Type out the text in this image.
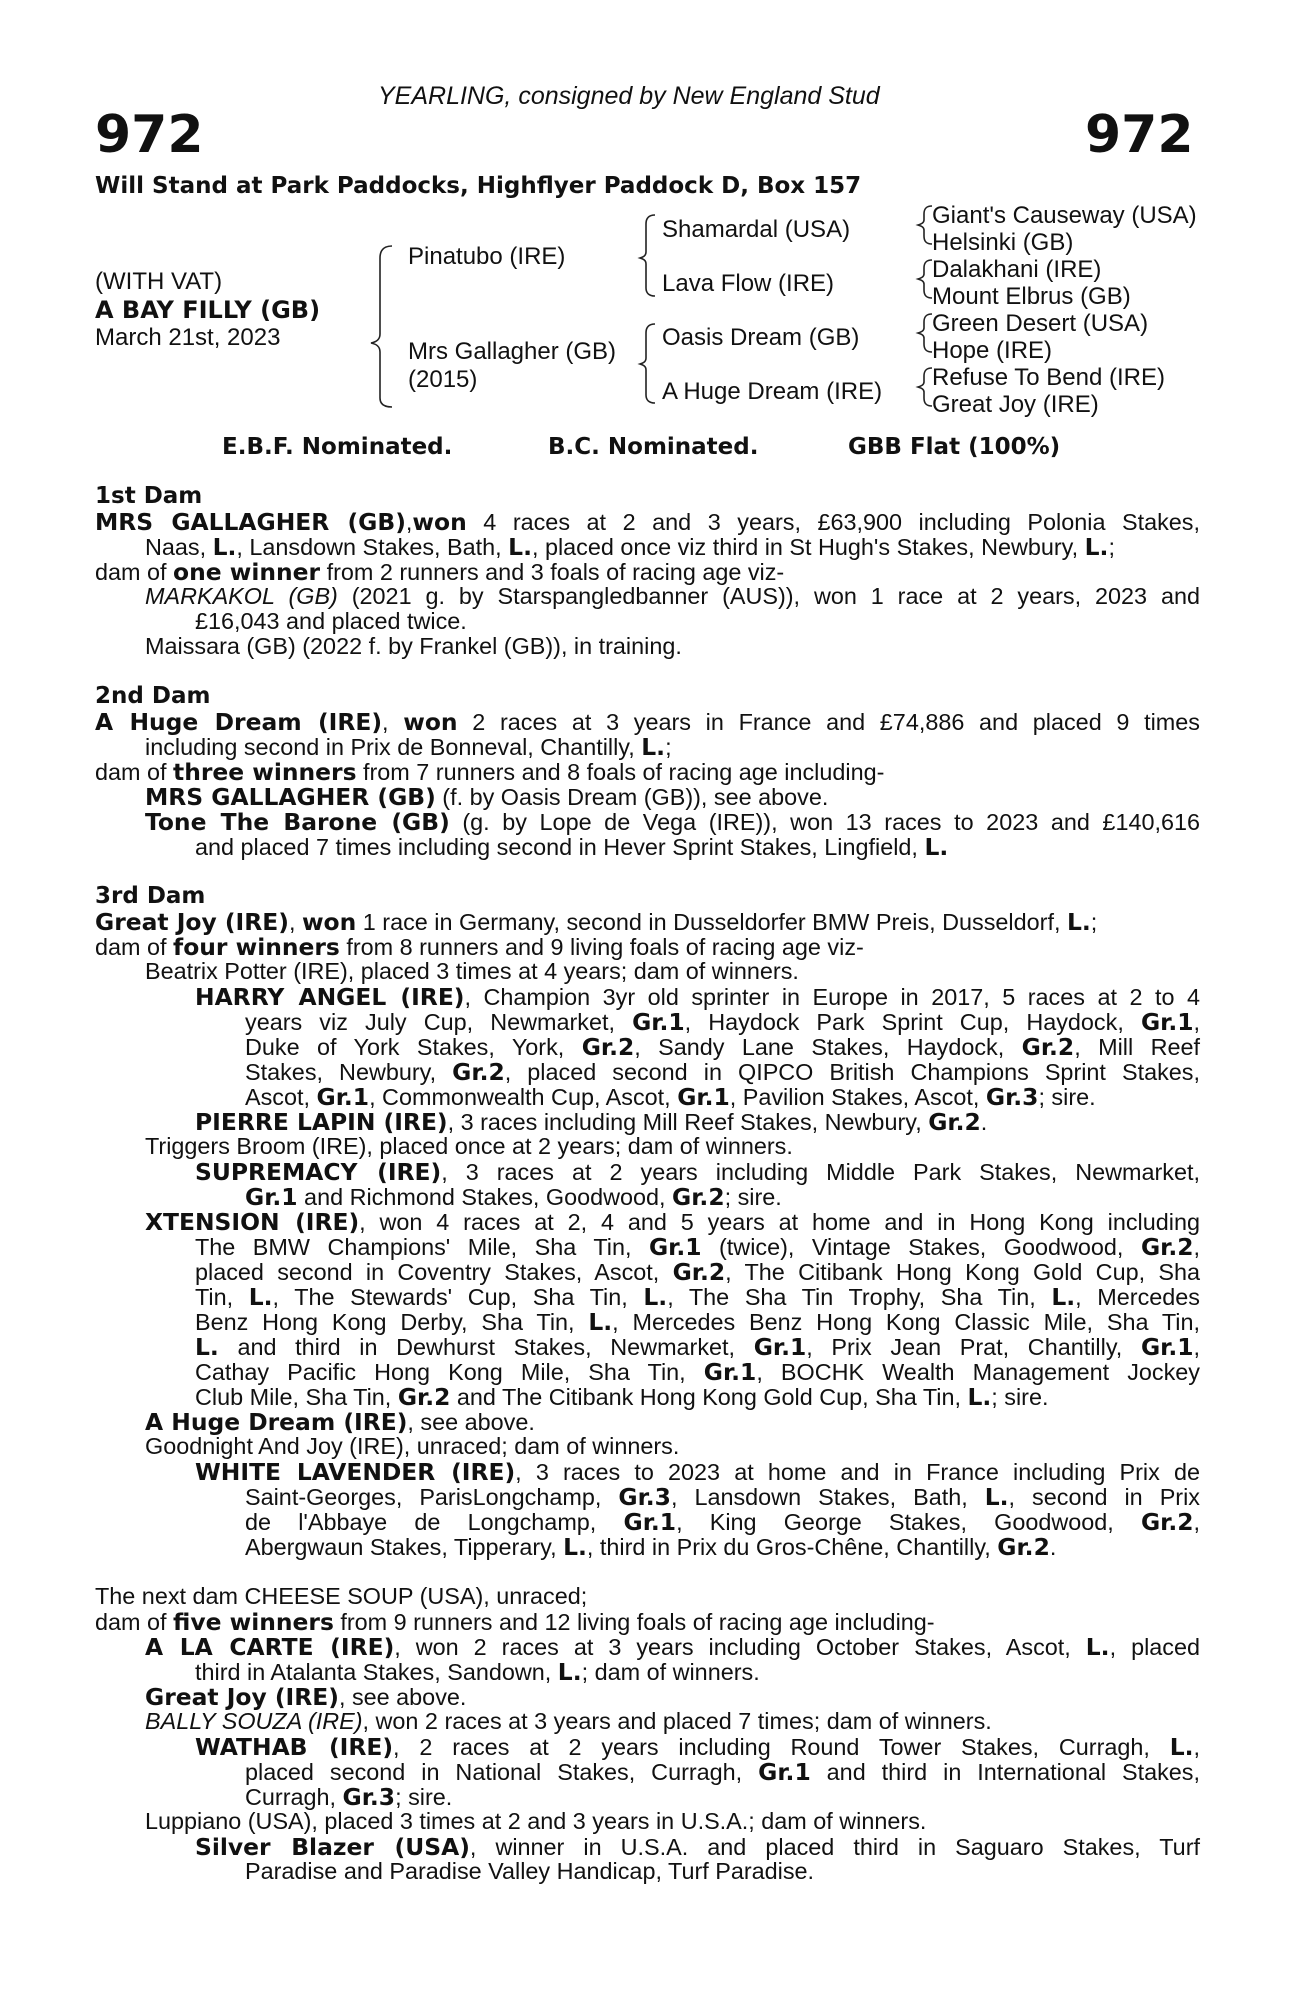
YEARLING, consigned by New England Stud
972	972
Will Stand at Park Paddocks, Highflyer Paddock D, Box 157
(WITH VAT)
A BAY FILLY (GB)
March 21st, 2023
Pinatubo (IRE)
Mrs Gallagher (GB)
(2015)
Shamardal (USA)
Lava Flow (IRE)
Oasis Dream (GB)
A Huge Dream (IRE)
Giant's Causeway (USA)
Helsinki (GB)
Dalakhani (IRE)
Mount Elbrus (GB)
Green Desert (USA)
Hope (IRE)
Refuse To Bend (IRE)
Great Joy (IRE)
E.B.F. Nominated.	B.C. Nominated.	GBB Flat (100%)
1st Dam
MRS GALLAGHER (GB),won 4 races at 2 and 3 years, £63,900 including Polonia Stakes,
Naas, L., Lansdown Stakes, Bath, L., placed once viz third in St Hugh's Stakes, Newbury, L.;
dam of one winner from 2 runners and 3 foals of racing age viz-
MARKAKOL (GB) (2021 g. by Starspangledbanner (AUS)), won 1 race at 2 years, 2023 and
£16,043 and placed twice.
Maissara (GB) (2022 f. by Frankel (GB)), in training.
2nd Dam
A Huge Dream (IRE), won 2 races at 3 years in France and £74,886 and placed 9 times
including second in Prix de Bonneval, Chantilly, L.;
dam of three winners from 7 runners and 8 foals of racing age including-
MRS GALLAGHER (GB) (f. by Oasis Dream (GB)), see above.
Tone The Barone (GB) (g. by Lope de Vega (IRE)), won 13 races to 2023 and £140,616
and placed 7 times including second in Hever Sprint Stakes, Lingfield, L.
3rd Dam
Great Joy (IRE), won 1 race in Germany, second in Dusseldorfer BMW Preis, Dusseldorf, L.;
dam of four winners from 8 runners and 9 living foals of racing age viz-
Beatrix Potter (IRE), placed 3 times at 4 years; dam of winners.
HARRY ANGEL (IRE), Champion 3yr old sprinter in Europe in 2017, 5 races at 2 to 4
years viz July Cup, Newmarket, Gr.1, Haydock Park Sprint Cup, Haydock, Gr.1,
Duke of York Stakes, York, Gr.2, Sandy Lane Stakes, Haydock, Gr.2, Mill Reef
Stakes, Newbury, Gr.2, placed second in QIPCO British Champions Sprint Stakes,
Ascot, Gr.1, Commonwealth Cup, Ascot, Gr.1, Pavilion Stakes, Ascot, Gr.3; sire.
PIERRE LAPIN (IRE), 3 races including Mill Reef Stakes, Newbury, Gr.2.
Triggers Broom (IRE), placed once at 2 years; dam of winners.
SUPREMACY (IRE), 3 races at 2 years including Middle Park Stakes, Newmarket,
Gr.1 and Richmond Stakes, Goodwood, Gr.2; sire.
XTENSION (IRE), won 4 races at 2, 4 and 5 years at home and in Hong Kong including
The BMW Champions' Mile, Sha Tin, Gr.1 (twice), Vintage Stakes, Goodwood, Gr.2,
placed second in Coventry Stakes, Ascot, Gr.2, The Citibank Hong Kong Gold Cup, Sha
Tin, L., The Stewards' Cup, Sha Tin, L., The Sha Tin Trophy, Sha Tin, L., Mercedes
Benz Hong Kong Derby, Sha Tin, L., Mercedes Benz Hong Kong Classic Mile, Sha Tin,
L. and third in Dewhurst Stakes, Newmarket, Gr.1, Prix Jean Prat, Chantilly, Gr.1,
Cathay Pacific Hong Kong Mile, Sha Tin, Gr.1, BOCHK Wealth Management Jockey
Club Mile, Sha Tin, Gr.2 and The Citibank Hong Kong Gold Cup, Sha Tin, L.; sire.
A Huge Dream (IRE), see above.
Goodnight And Joy (IRE), unraced; dam of winners.
WHITE LAVENDER (IRE), 3 races to 2023 at home and in France including Prix de
Saint-Georges, ParisLongchamp, Gr.3, Lansdown Stakes, Bath, L., second in Prix
de l'Abbaye de Longchamp, Gr.1, King George Stakes, Goodwood, Gr.2,
Abergwaun Stakes, Tipperary, L., third in Prix du Gros-Chêne, Chantilly, Gr.2.
The next dam CHEESE SOUP (USA), unraced;
dam of five winners from 9 runners and 12 living foals of racing age including-
A LA CARTE (IRE), won 2 races at 3 years including October Stakes, Ascot, L., placed
third in Atalanta Stakes, Sandown, L.; dam of winners.
Great Joy (IRE), see above.
BALLY SOUZA (IRE), won 2 races at 3 years and placed 7 times; dam of winners.
WATHAB (IRE), 2 races at 2 years including Round Tower Stakes, Curragh, L.,
placed second in National Stakes, Curragh, Gr.1 and third in International Stakes,
Curragh, Gr.3; sire.
Luppiano (USA), placed 3 times at 2 and 3 years in U.S.A.; dam of winners.
Silver Blazer (USA), winner in U.S.A. and placed third in Saguaro Stakes, Turf
Paradise and Paradise Valley Handicap, Turf Paradise.
